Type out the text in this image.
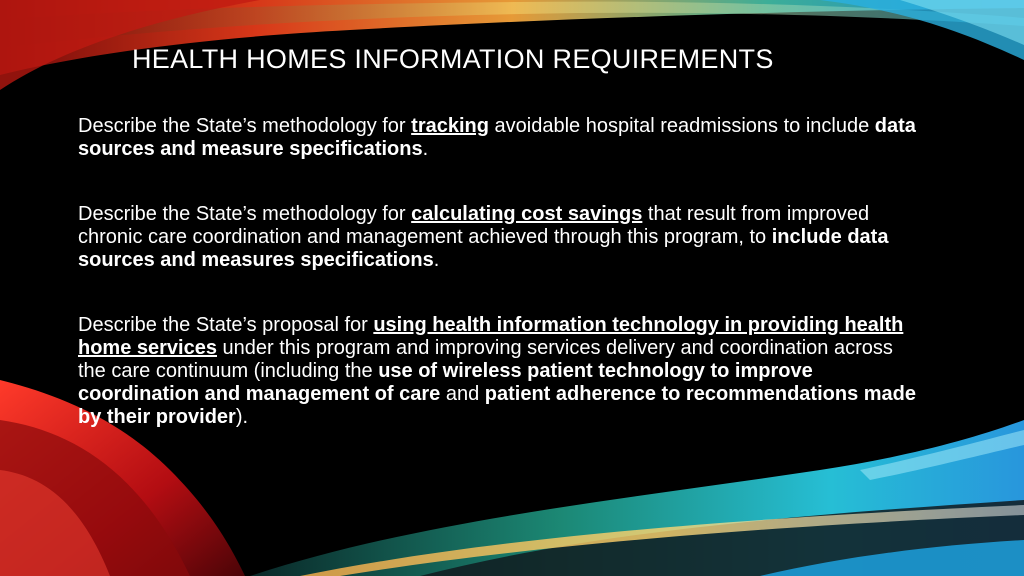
HEALTH HOMES INFORMATION REQUIREMENTS

Describe the State’s methodology for tracking avoidable hospital readmissions to include data sources and measure specifications.

Describe the State’s methodology for calculating cost savings that result from improved chronic care coordination and management achieved through this program, to include data sources and measures specifications.

Describe the State’s proposal for using health information technology in providing health home services under this program and improving services delivery and coordination across the care continuum (including the use of wireless patient technology to improve coordination and management of care and patient adherence to recommendations made by their provider).
